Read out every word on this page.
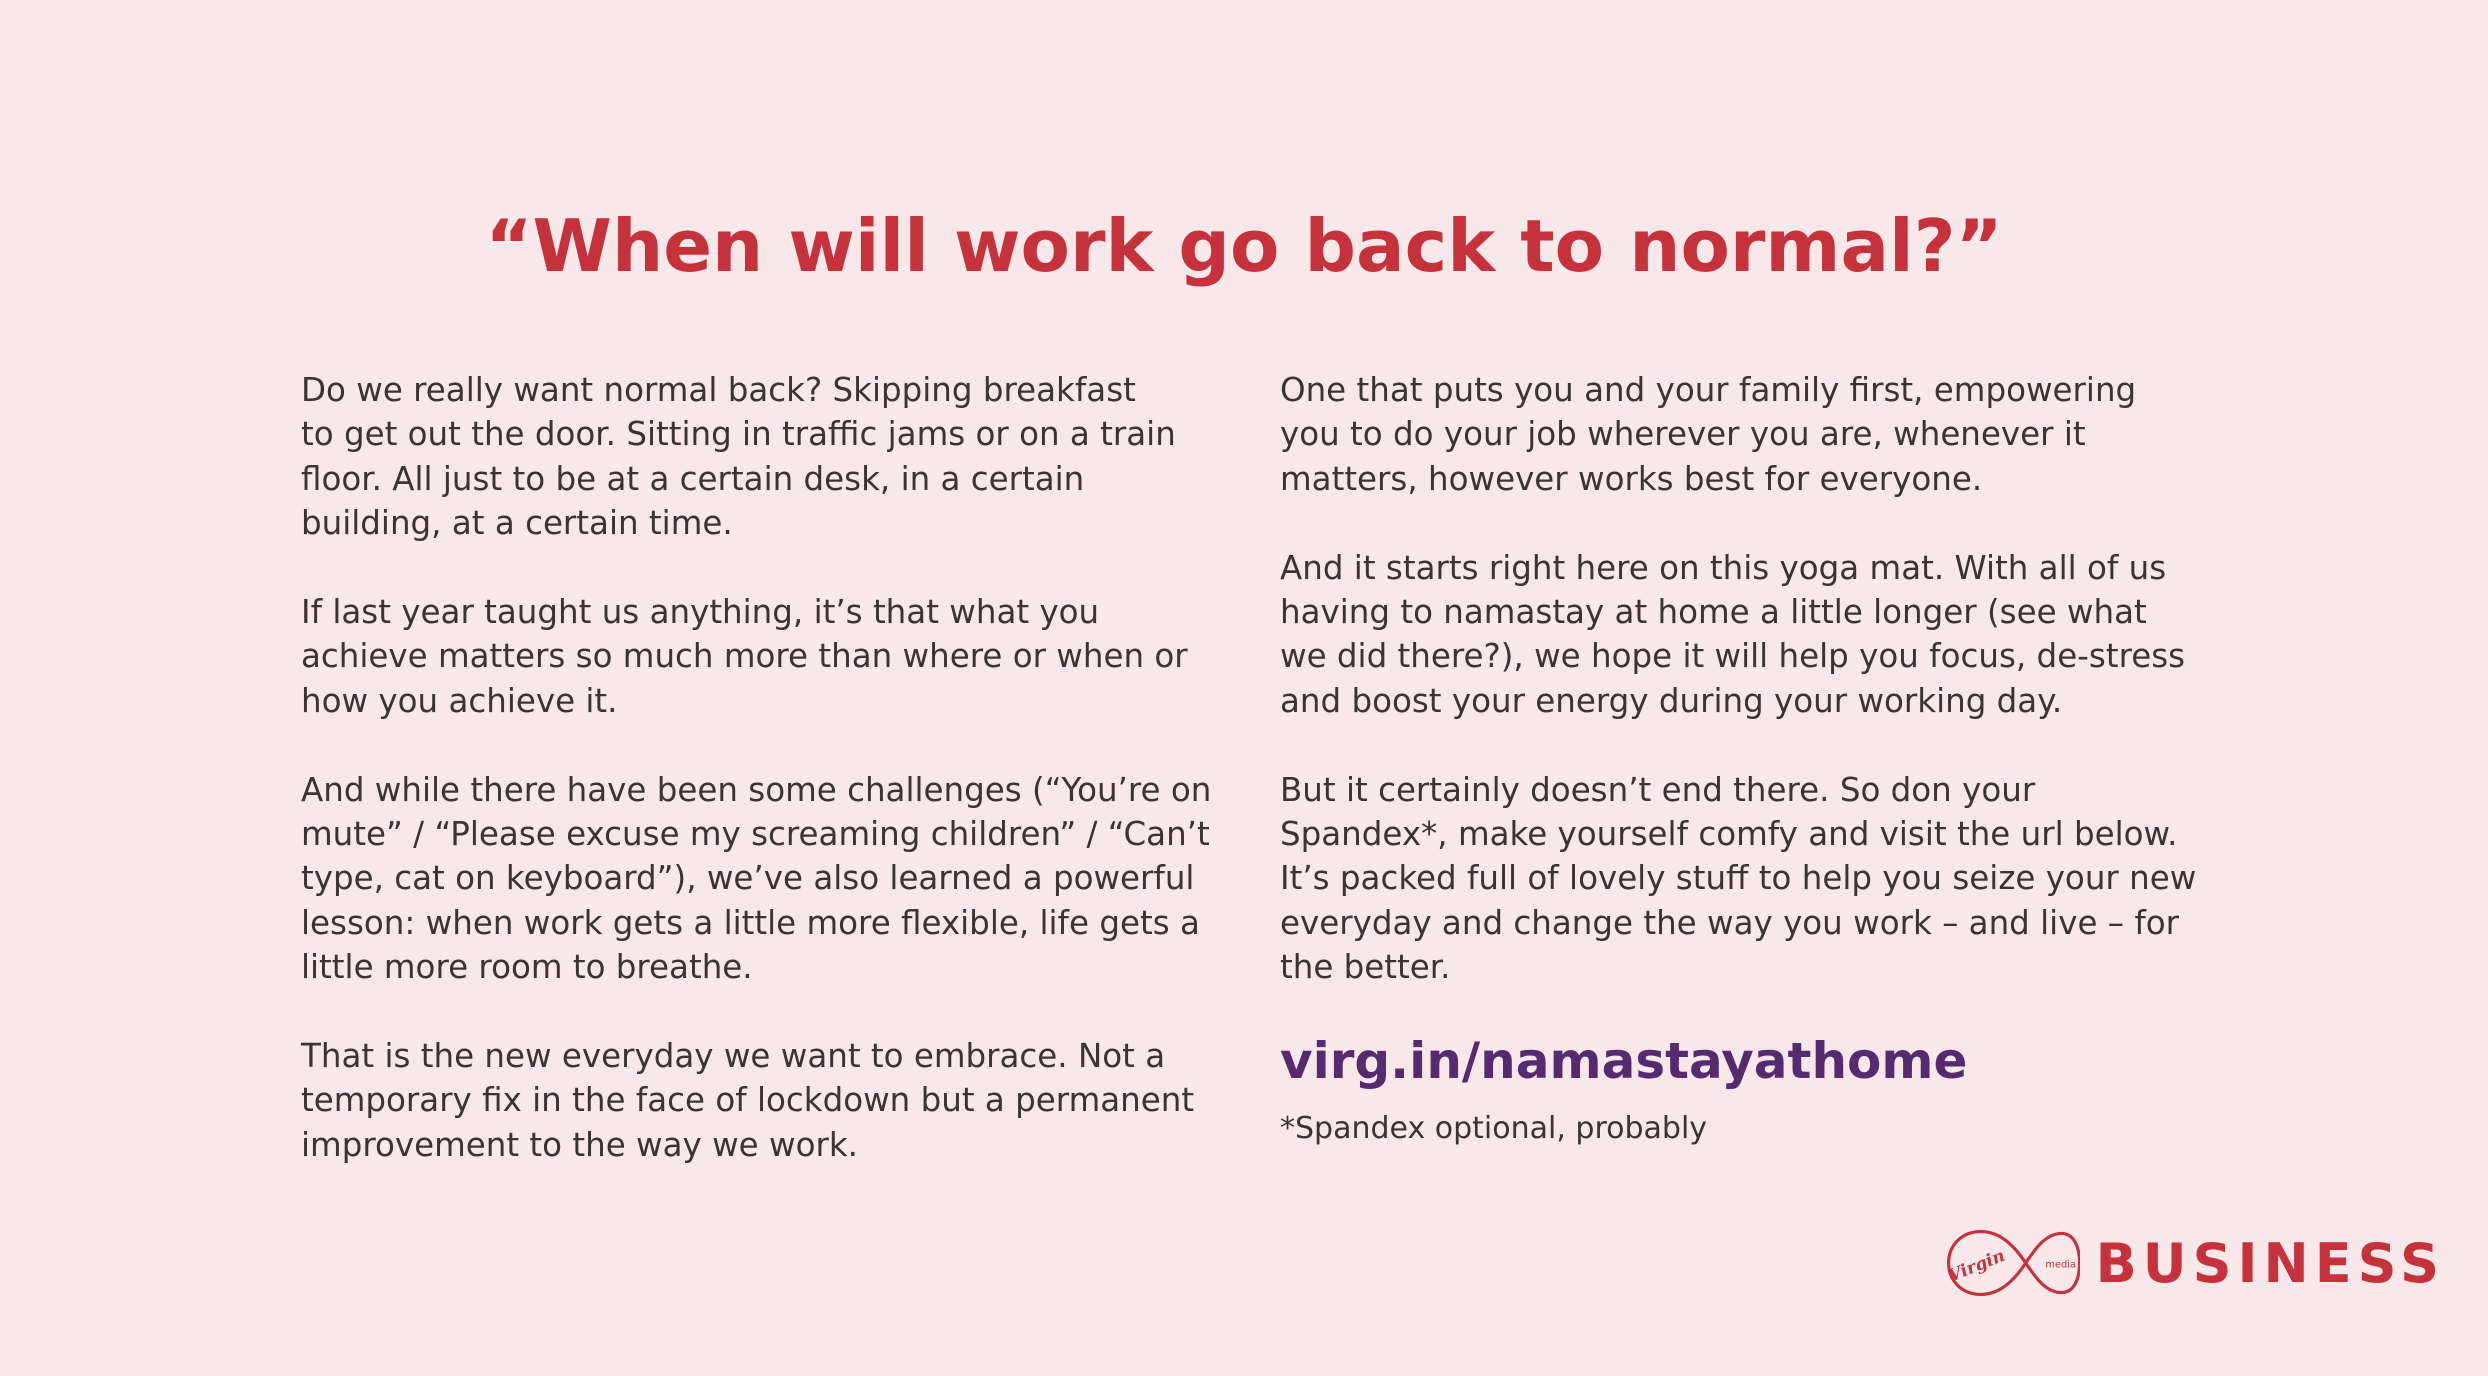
“When will work go back to normal?”

Do we really want normal back? Skipping breakfast
to get out the door. Sitting in traffic jams or on a train
floor. All just to be at a certain desk, in a certain
building, at a certain time.

If last year taught us anything, it’s that what you
achieve matters so much more than where or when or
how you achieve it.

And while there have been some challenges (“You’re on
mute” / “Please excuse my screaming children” / “Can’t
type, cat on keyboard”), we’ve also learned a powerful
lesson: when work gets a little more flexible, life gets a
little more room to breathe.

That is the new everyday we want to embrace. Not a
temporary fix in the face of lockdown but a permanent
improvement to the way we work.

One that puts you and your family first, empowering
you to do your job wherever you are, whenever it
matters, however works best for everyone.

And it starts right here on this yoga mat. With all of us
having to namastay at home a little longer (see what
we did there?), we hope it will help you focus, de-stress
and boost your energy during your working day.

But it certainly doesn’t end there. So don your
Spandex*, make yourself comfy and visit the url below.
It’s packed full of lovely stuff to help you seize your new
everyday and change the way you work – and live – for
the better.

virg.in/namastayathome

*Spandex optional, probably

Virgin	media BUSINESS
